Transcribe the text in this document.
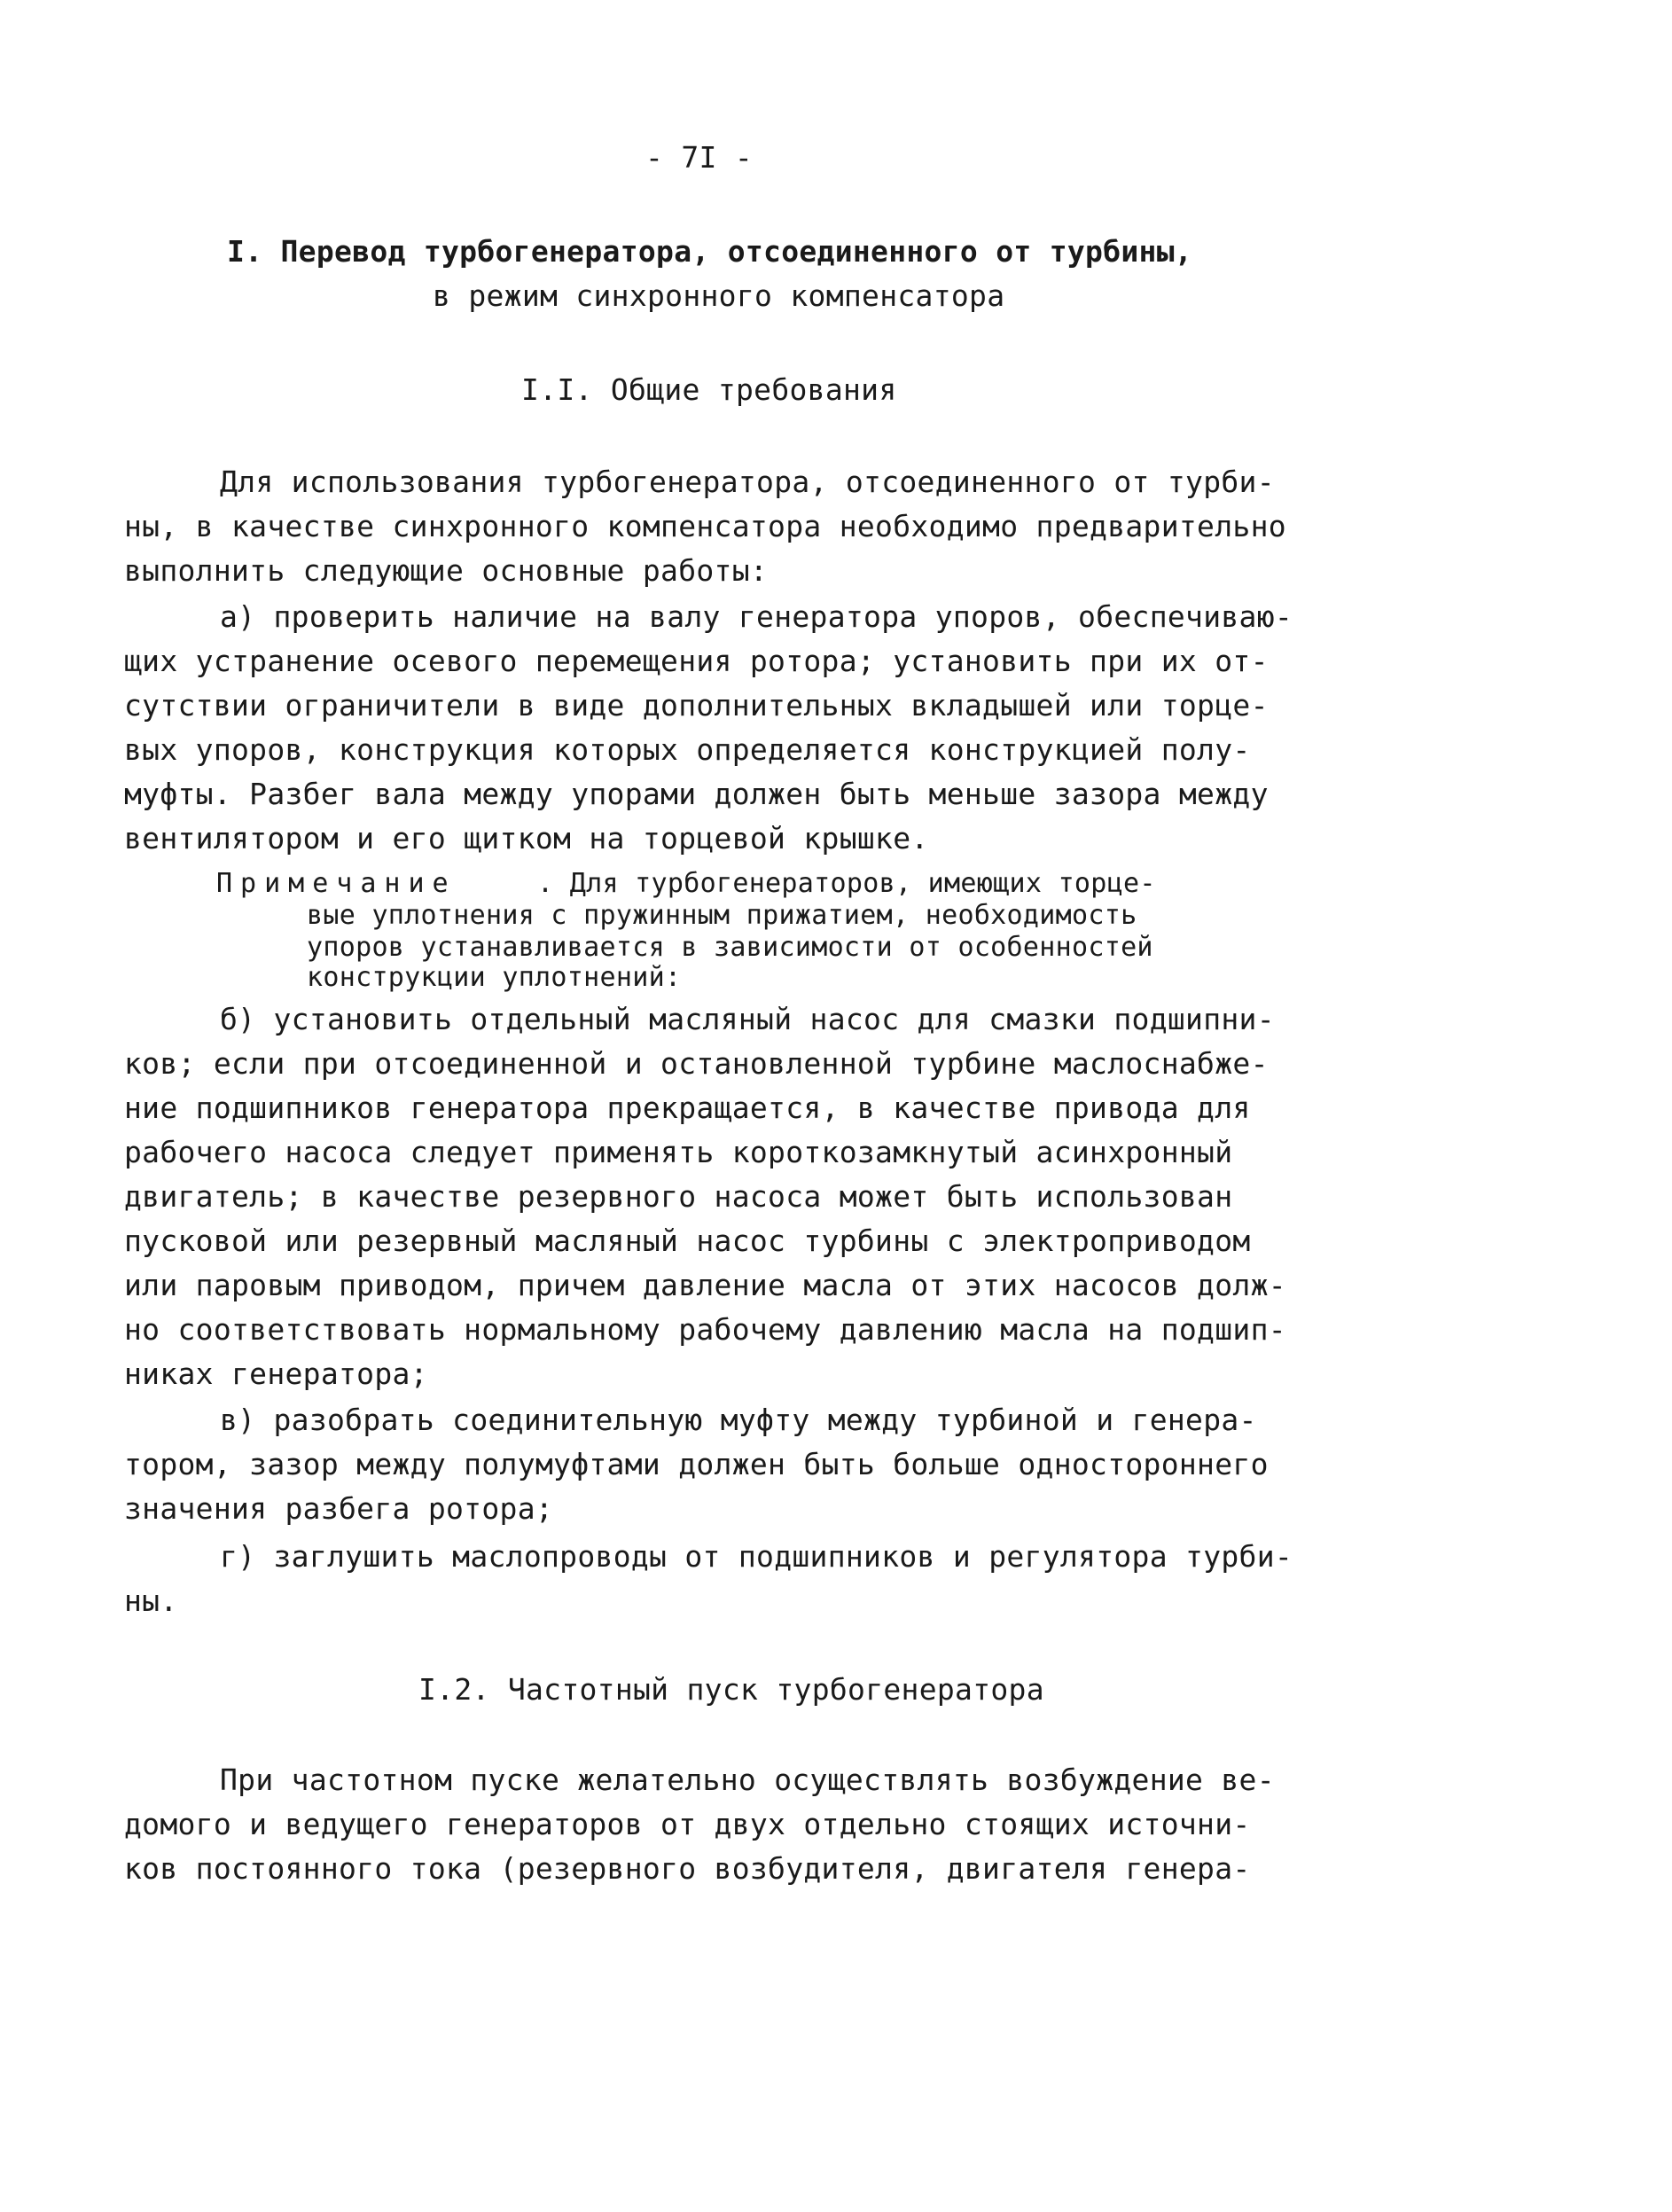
- 7I -

I. Перевод турбогенератора, отсоединенного от турбины,

в режим синхронного компенсатора

I.I. Общие требования

Для использования турбогенератора, отсоединенного от турби-

ны, в качестве синхронного компенсатора необходимо предварительно

выполнить следующие основные работы:

а) проверить наличие на валу генератора упоров, обеспечиваю-

щих устранение осевого перемещения ротора; установить при их от-

сутствии ограничители в виде дополнительных вкладышей или торце-

вых упоров, конструкция которых определяется конструкцией полу-

муфты. Разбег вала между упорами должен быть меньше зазора между

вентилятором и его щитком на торцевой крышке.

Примечание	. Для турбогенераторов, имеющих торце-

вые уплотнения с пружинным прижатием, необходимость

упоров устанавливается в зависимости от особенностей

конструкции уплотнений:

б) установить отдельный масляный насос для смазки подшипни-

ков; если при отсоединенной и остановленной турбине маслоснабже-

ние подшипников генератора прекращается, в качестве привода для

рабочего насоса следует применять короткозамкнутый асинхронный

двигатель; в качестве резервного насоса может быть использован

пусковой или резервный масляный насос турбины с электроприводом

или паровым приводом, причем давление масла от этих насосов долж-

но соответствовать нормальному рабочему давлению масла на подшип-

никах генератора;

в) разобрать соединительную муфту между турбиной и генера-

тором, зазор между полумуфтами должен быть больше одностороннего

значения разбега ротора;

г) заглушить маслопроводы от подшипников и регулятора турби-

ны.

I.2. Частотный пуск турбогенератора

При частотном пуске желательно осуществлять возбуждение ве-

домого и ведущего генераторов от двух отдельно стоящих источни-

ков постоянного тока (резервного возбудителя, двигателя генера-
